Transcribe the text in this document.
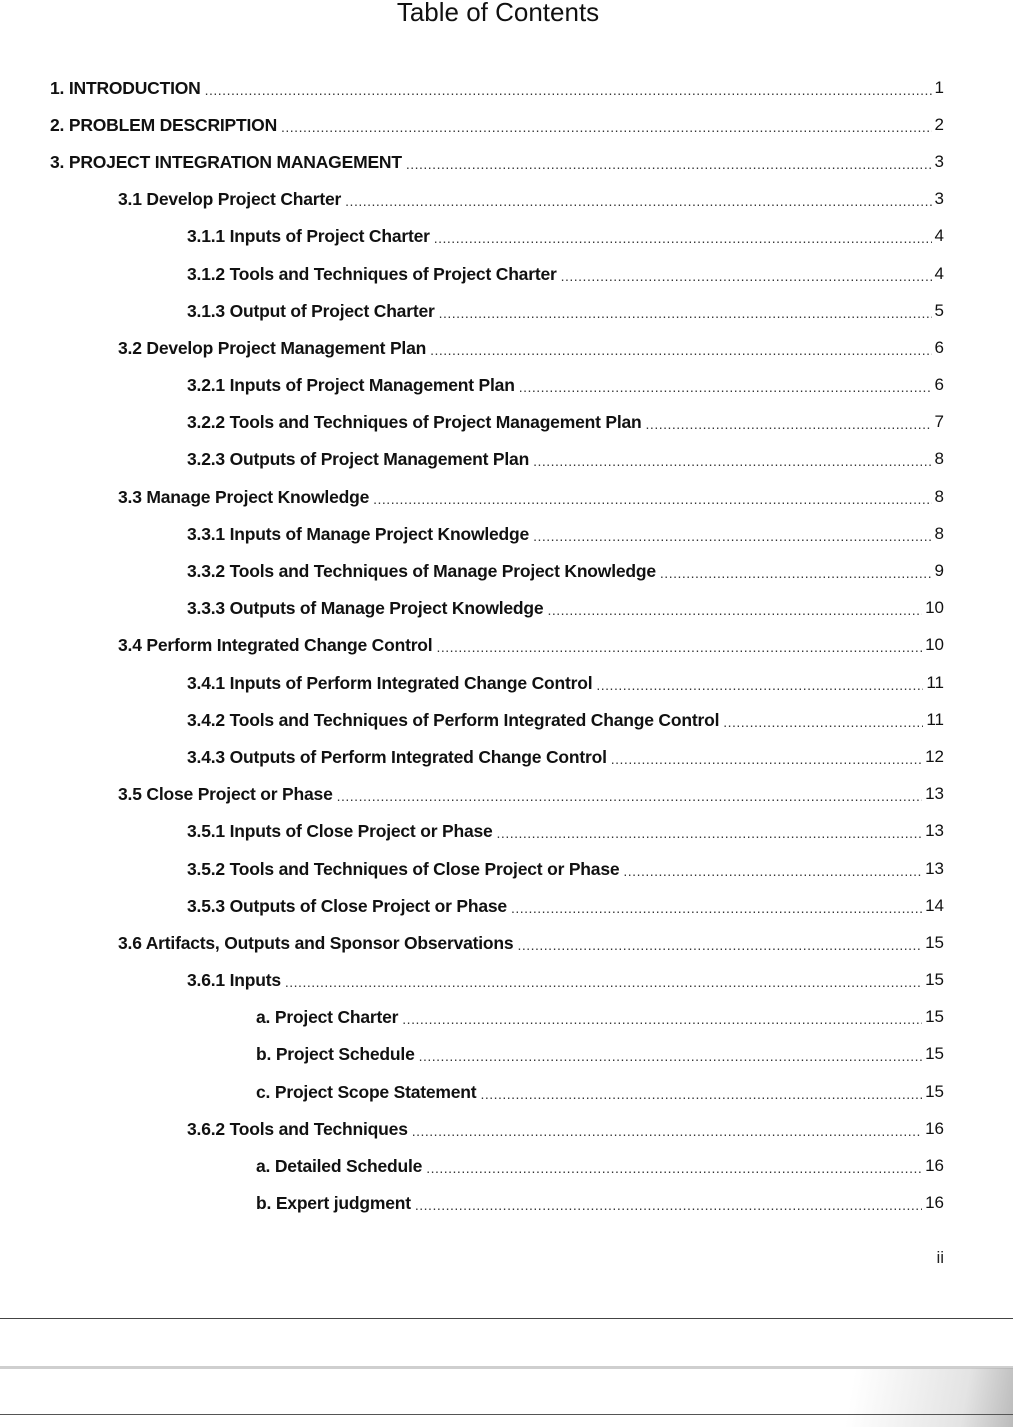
Table of Contents
1. INTRODUCTION .....	1
2. PROBLEM DESCRIPTION .....	2
3. PROJECT INTEGRATION MANAGEMENT .....	3
3.1 Develop Project Charter .....	3
3.1.1 Inputs of Project Charter .....	4
3.1.2 Tools and Techniques of Project Charter .....	4
3.1.3 Output of Project Charter .....	5
3.2 Develop Project Management Plan .....	6
3.2.1 Inputs of Project Management Plan .....	6
3.2.2 Tools and Techniques of Project Management Plan .....	7
3.2.3 Outputs of Project Management Plan .....	8
3.3 Manage Project Knowledge .....	8
3.3.1 Inputs of Manage Project Knowledge .....	8
3.3.2 Tools and Techniques of Manage Project Knowledge .....	9
3.3.3 Outputs of Manage Project Knowledge .....	10
3.4 Perform Integrated Change Control .....	10
3.4.1 Inputs of Perform Integrated Change Control .....	11
3.4.2 Tools and Techniques of Perform Integrated Change Control .....	11
3.4.3 Outputs of Perform Integrated Change Control .....	12
3.5 Close Project or Phase .....	13
3.5.1 Inputs of Close Project or Phase .....	13
3.5.2 Tools and Techniques of Close Project or Phase .....	13
3.5.3 Outputs of Close Project or Phase .....	14
3.6 Artifacts, Outputs and Sponsor Observations .....	15
3.6.1 Inputs .....	15
a. Project Charter .....	15
b. Project Schedule .....	15
c. Project Scope Statement .....	15
3.6.2 Tools and Techniques .....	16
a. Detailed Schedule .....	16
b. Expert judgment .....	16
ii
